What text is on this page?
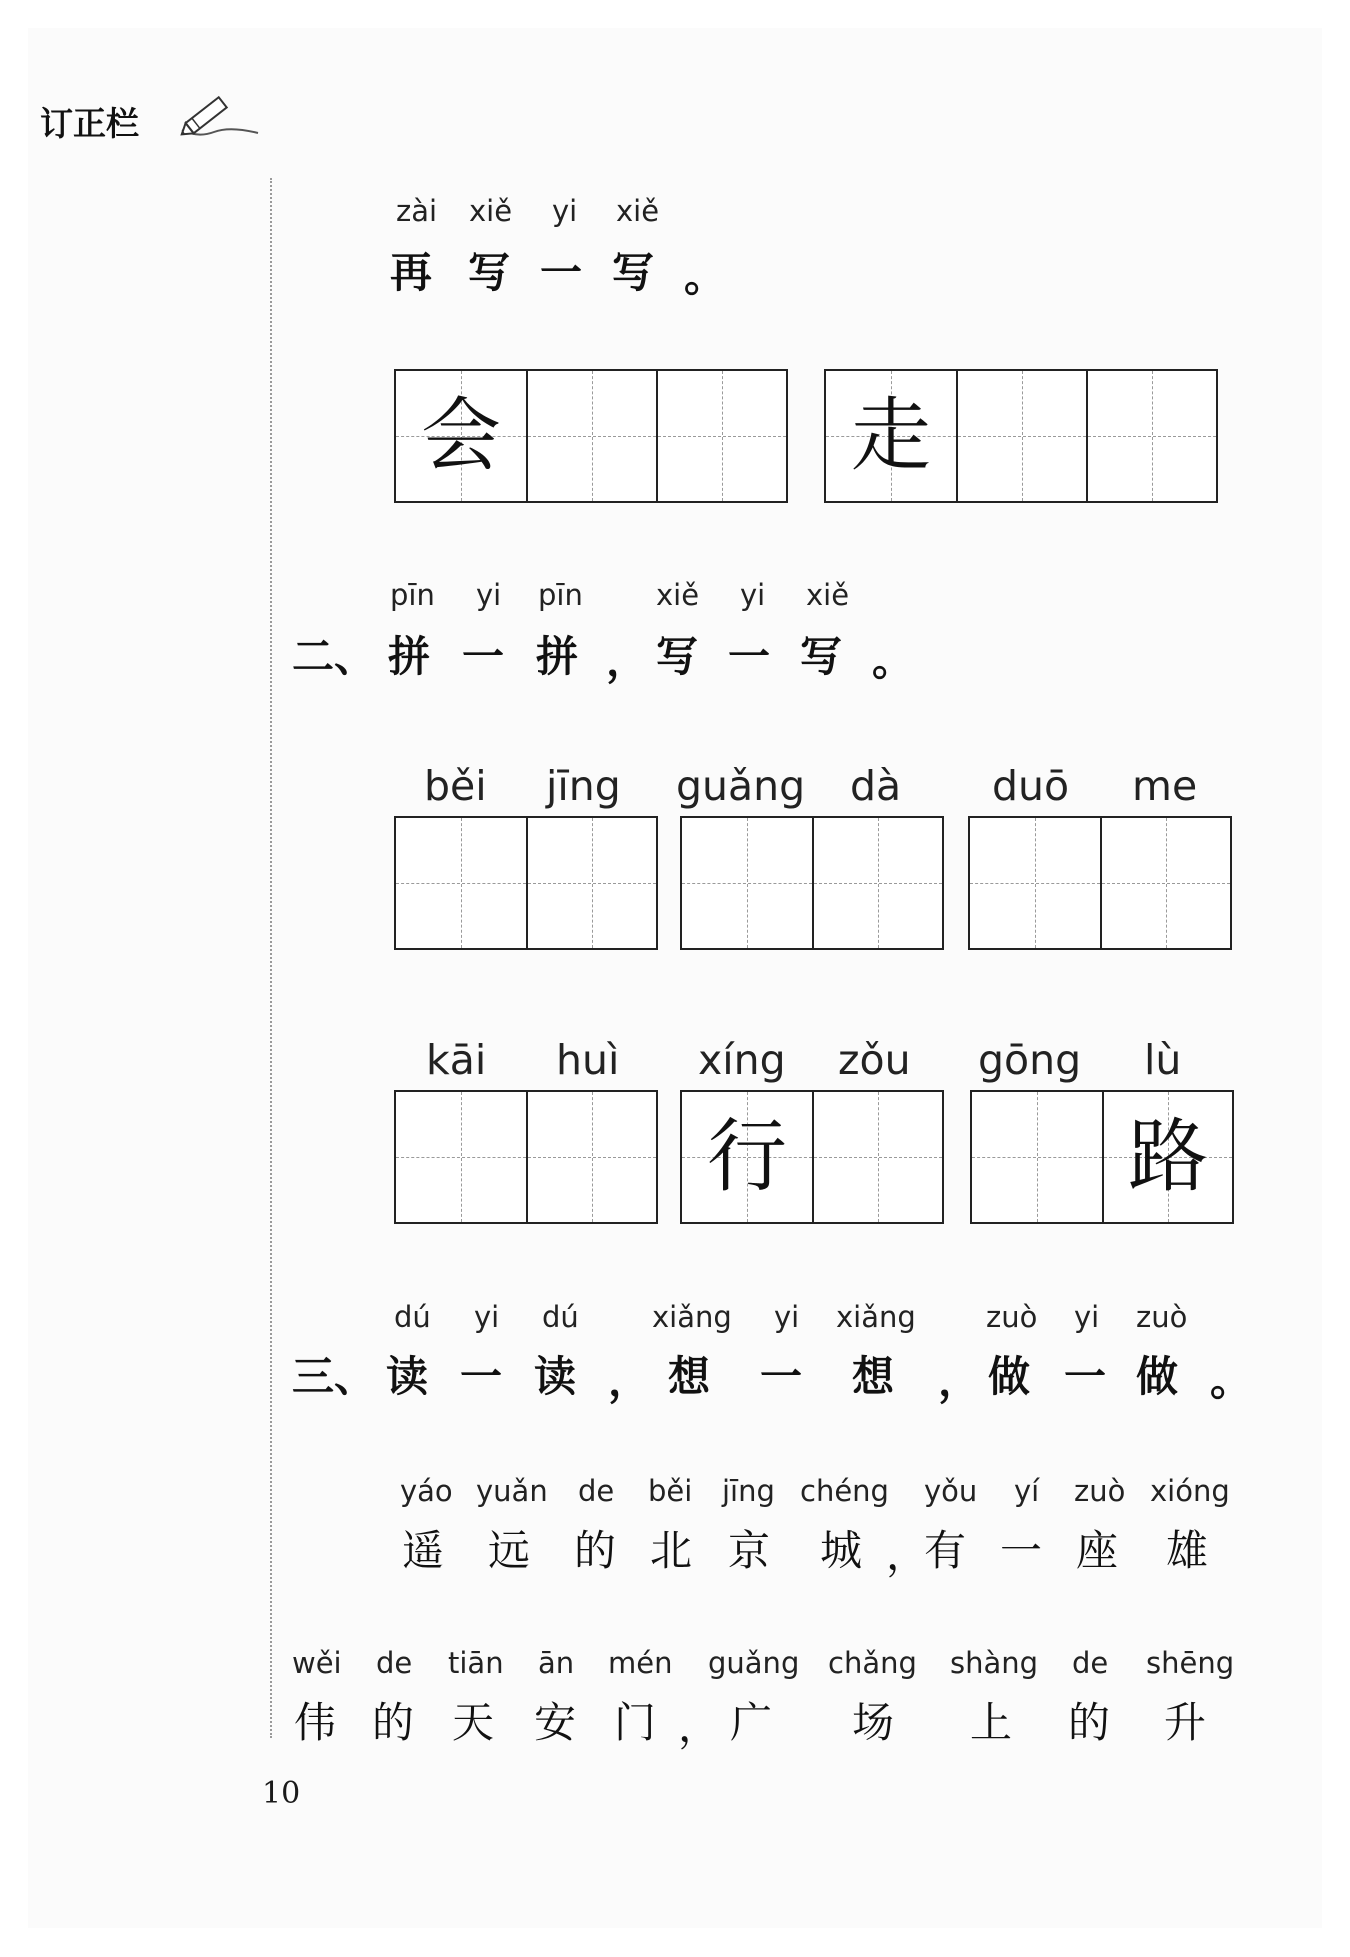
订正栏
zài xiě yi xiě
再 写 一 写 。
会	走
pīn yi pīn	xiě yi xiě
二、 拼 一 拼 ， 写 一 写 。
běi jīng guǎng dà duō me
kāi huì xíng zǒu gōng lù
行	路
dú yi dú	xiǎng yi xiǎng zuò yi zuò
三、 读 一 读 ， 想 一 想 ， 做 一 做 。
yáo yuǎn de běi jīng chéng yǒu yí zuò xióng
遥 远 的 北 京 城 ，
有 一 座 雄
wěi de tiān ān mén guǎng chǎng shàng de shēng
伟 的 天 安 门 ， 广 场 上 的 升
10
